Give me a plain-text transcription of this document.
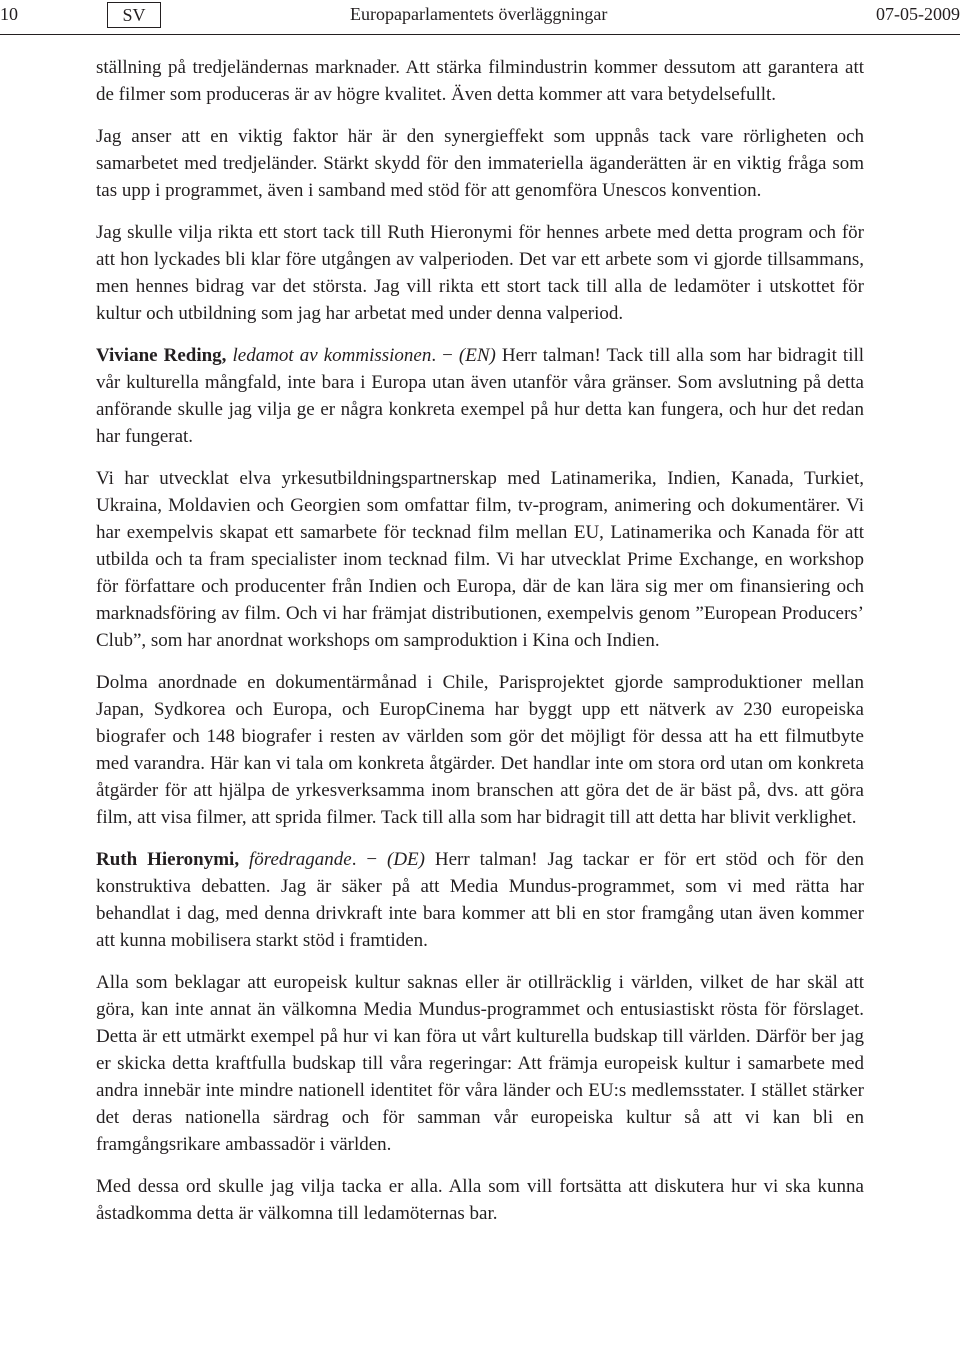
10	SV	Europaparlamentets överläggningar	07-05-2009

ställning på tredjeländernas marknader. Att stärka filmindustrin kommer dessutom att garantera att de filmer som produceras är av högre kvalitet. Även detta kommer att vara betydelsefullt.

Jag anser att en viktig faktor här är den synergieffekt som uppnås tack vare rörligheten och samarbetet med tredjeländer. Stärkt skydd för den immateriella äganderätten är en viktig fråga som tas upp i programmet, även i samband med stöd för att genomföra Unescos konvention.

Jag skulle vilja rikta ett stort tack till Ruth Hieronymi för hennes arbete med detta program och för att hon lyckades bli klar före utgången av valperioden. Det var ett arbete som vi gjorde tillsammans, men hennes bidrag var det största. Jag vill rikta ett stort tack till alla de ledamöter i utskottet för kultur och utbildning som jag har arbetat med under denna valperiod.

Viviane Reding, ledamot av kommissionen. − (EN) Herr talman! Tack till alla som har bidragit till vår kulturella mångfald, inte bara i Europa utan även utanför våra gränser. Som avslutning på detta anförande skulle jag vilja ge er några konkreta exempel på hur detta kan fungera, och hur det redan har fungerat.

Vi har utvecklat elva yrkesutbildningspartnerskap med Latinamerika, Indien, Kanada, Turkiet, Ukraina, Moldavien och Georgien som omfattar film, tv-program, animering och dokumentärer. Vi har exempelvis skapat ett samarbete för tecknad film mellan EU, Latinamerika och Kanada för att utbilda och ta fram specialister inom tecknad film. Vi har utvecklat Prime Exchange, en workshop för författare och producenter från Indien och Europa, där de kan lära sig mer om finansiering och marknadsföring av film. Och vi har främjat distributionen, exempelvis genom ”European Producers’ Club”, som har anordnat workshops om samproduktion i Kina och Indien.

Dolma anordnade en dokumentärmånad i Chile, Parisprojektet gjorde samproduktioner mellan Japan, Sydkorea och Europa, och EuropCinema har byggt upp ett nätverk av 230 europeiska biografer och 148 biografer i resten av världen som gör det möjligt för dessa att ha ett filmutbyte med varandra. Här kan vi tala om konkreta åtgärder. Det handlar inte om stora ord utan om konkreta åtgärder för att hjälpa de yrkesverksamma inom branschen att göra det de är bäst på, dvs. att göra film, att visa filmer, att sprida filmer. Tack till alla som har bidragit till att detta har blivit verklighet.

Ruth Hieronymi, föredragande. − (DE) Herr talman! Jag tackar er för ert stöd och för den konstruktiva debatten. Jag är säker på att Media Mundus-programmet, som vi med rätta har behandlat i dag, med denna drivkraft inte bara kommer att bli en stor framgång utan även kommer att kunna mobilisera starkt stöd i framtiden.

Alla som beklagar att europeisk kultur saknas eller är otillräcklig i världen, vilket de har skäl att göra, kan inte annat än välkomna Media Mundus-programmet och entusiastiskt rösta för förslaget. Detta är ett utmärkt exempel på hur vi kan föra ut vårt kulturella budskap till världen. Därför ber jag er skicka detta kraftfulla budskap till våra regeringar: Att främja europeisk kultur i samarbete med andra innebär inte mindre nationell identitet för våra länder och EU:s medlemsstater. I stället stärker det deras nationella särdrag och för samman vår europeiska kultur så att vi kan bli en framgångsrikare ambassadör i världen.

Med dessa ord skulle jag vilja tacka er alla. Alla som vill fortsätta att diskutera hur vi ska kunna åstadkomma detta är välkomna till ledamöternas bar.
